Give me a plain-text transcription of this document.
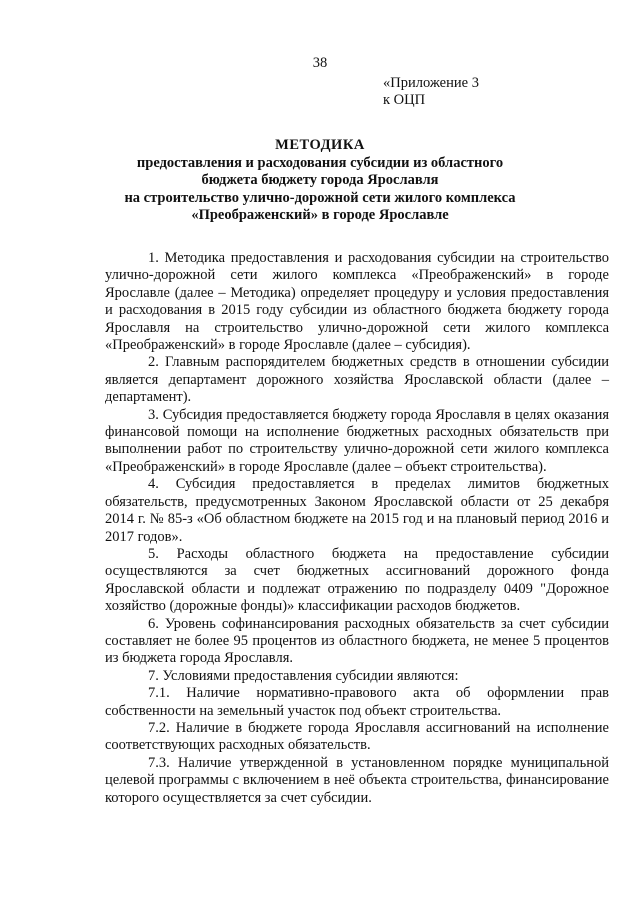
38
«Приложение 3
к ОЦП
МЕТОДИКА
предоставления и расходования субсидии из областного
бюджета бюджету города Ярославля
на строительство улично-дорожной сети жилого комплекса
«Преображенский» в городе Ярославле

1. Методика предоставления и расходования субсидии на строительство улично-дорожной сети жилого комплекса «Преображенский» в городе Ярославле (далее – Методика) определяет процедуру и условия предоставления и расходования в 2015 году субсидии из областного бюджета бюджету города Ярославля на строительство улично-дорожной сети жилого комплекса «Преображенский» в городе Ярославле (далее – субсидия).

2. Главным распорядителем бюджетных средств в отношении субсидии является департамент дорожного хозяйства Ярославской области (далее – департамент).

3. Субсидия предоставляется бюджету города Ярославля в целях оказания финансовой помощи на исполнение бюджетных расходных обязательств при выполнении работ по строительству улично-дорожной сети жилого комплекса «Преображенский» в городе Ярославле (далее – объект строительства).

4. Субсидия предоставляется в пределах лимитов бюджетных обязательств, предусмотренных Законом Ярославской области от 25 декабря 2014 г. № 85-з «Об областном бюджете на 2015 год и на плановый период 2016 и 2017 годов».

5. Расходы областного бюджета на предоставление субсидии осуществляются за счет бюджетных ассигнований дорожного фонда Ярославской области и подлежат отражению по подразделу 0409 "Дорожное хозяйство (дорожные фонды)» классификации расходов бюджетов.

6. Уровень софинансирования расходных обязательств за счет субсидии составляет не более 95 процентов из областного бюджета, не менее 5 процентов из бюджета города Ярославля.

7. Условиями предоставления субсидии являются:

7.1. Наличие нормативно-правового акта об оформлении прав собственности на земельный участок под объект строительства.

7.2. Наличие в бюджете города Ярославля ассигнований на исполнение соответствующих расходных обязательств.

7.3. Наличие утвержденной в установленном порядке муниципальной целевой программы с включением в неё объекта строительства, финансирование которого осуществляется за счет субсидии.
